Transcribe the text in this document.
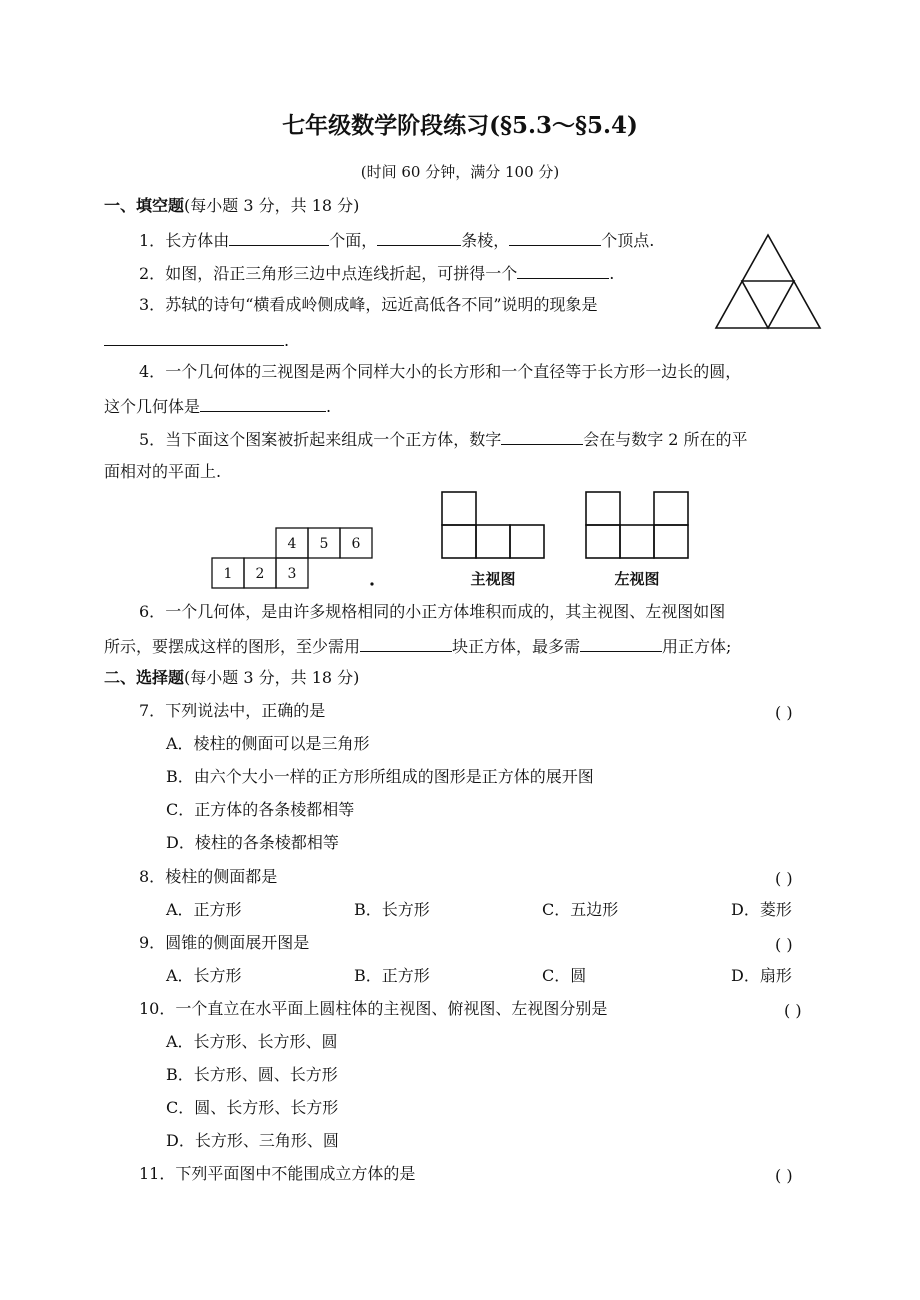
七年级数学阶段练习(§5.3～§5.4)
(时间 60 分钟，满分 100 分)
一、填空题(每小题 3 分，共 18 分)
1．长方体由	个面，	条棱，	个顶点.
2．如图，沿正三角形三边中点连线折起，可拼得一个	.
3．苏轼的诗句“横看成岭侧成峰，远近高低各不同”说明的现象是
.
4．一个几何体的三视图是两个同样大小的长方形和一个直径等于长方形一边长的圆，
这个几何体是	.
5．当下面这个图案被折起来组成一个正方体，数字	会在与数字 2 所在的平
面相对的平面上.
1 2 3
4 5 6
主视图	左视图
6．一个几何体，是由许多规格相同的小正方体堆积而成的，其主视图、左视图如图
所示，要摆成这样的图形，至少需用	块正方体，最多需	用正方体;
二、选择题(每小题 3 分，共 18 分)
7．下列说法中，正确的是	( )
A．棱柱的侧面可以是三角形
B．由六个大小一样的正方形所组成的图形是正方体的展开图
C．正方体的各条棱都相等
D．棱柱的各条棱都相等
8．棱柱的侧面都是	( )
A．正方形	B．长方形	C．五边形	D．菱形
9．圆锥的侧面展开图是	( )
A．长方形	B．正方形	C．圆	D．扇形
10．一个直立在水平面上圆柱体的主视图、俯视图、左视图分别是	( )
A．长方形、长方形、圆
B．长方形、圆、长方形
C．圆、长方形、长方形
D．长方形、三角形、圆
11．下列平面图中不能围成立方体的是	( )
